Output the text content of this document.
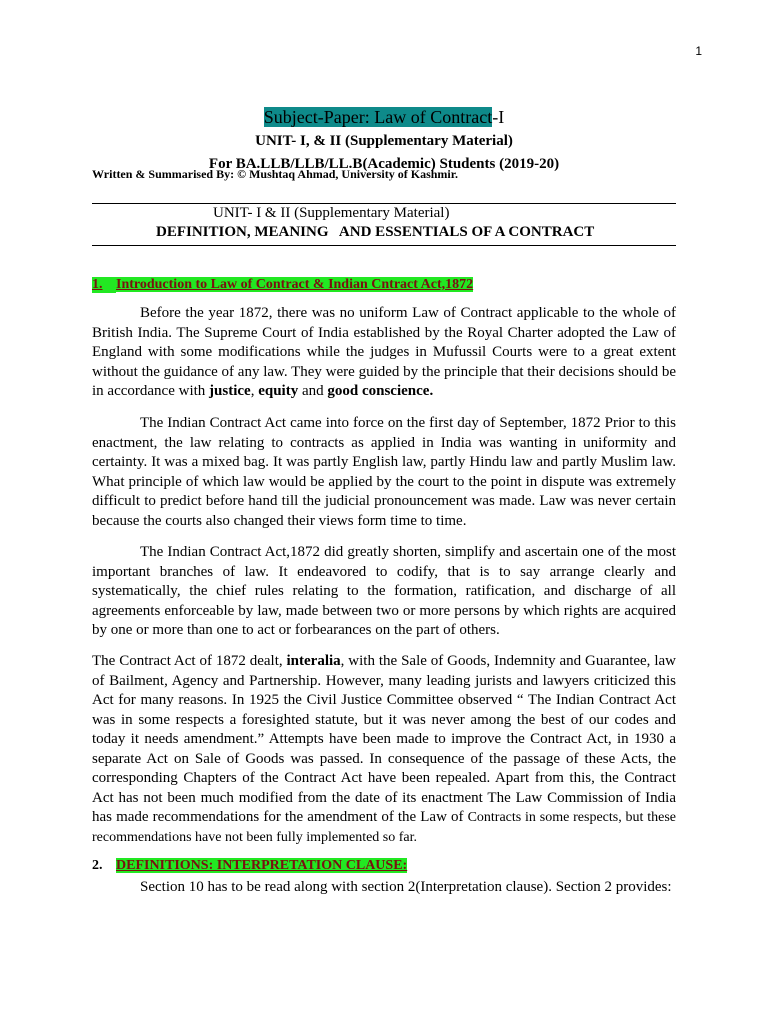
1
Subject-Paper: Law of Contract-I
UNIT- I, & II (Supplementary Material)
For BA.LLB/LLB/LL.B(Academic) Students (2019-20)
Written & Summarised By: © Mushtaq Ahmad, University of Kashmir.
UNIT- I & II (Supplementary Material)
DEFINITION, MEANING   AND ESSENTIALS OF A CONTRACT
1. Introduction to Law of Contract & Indian Cntract Act,1872
Before the year 1872, there was no uniform Law of Contract applicable to the whole of British India. The Supreme Court of India established by the Royal Charter adopted the Law of England with some modifications while the judges in Mufussil Courts were to a great extent without the guidance of any law. They were guided by the principle that their decisions should be in accordance with justice, equity and good conscience.
The Indian Contract Act came into force on the first day of September, 1872 Prior to this enactment, the law relating to contracts as applied in India was wanting in uniformity and certainty. It was a mixed bag. It was partly English law, partly Hindu law and partly Muslim law. What principle of which law would be applied by the court to the point in dispute was extremely difficult to predict before hand till the judicial pronouncement was made. Law was never certain because the courts also changed their views form time to time.
The Indian Contract Act,1872 did greatly shorten, simplify and ascertain one of the most important branches of law. It endeavored to codify, that is to say arrange clearly and systematically, the chief rules relating to the formation, ratification, and discharge of all agreements enforceable by law, made between two or more persons by which rights are acquired by one or more than one to act or forbearances on the part of others.
The Contract Act of 1872 dealt, interalia, with the Sale of Goods, Indemnity and Guarantee, law of Bailment, Agency and Partnership. However, many leading jurists and lawyers criticized this Act for many reasons. In 1925 the Civil Justice Committee observed “ The Indian Contract Act was in some respects a foresighted statute, but it was never among the best of our codes and today it needs amendment.” Attempts have been made to improve the Contract Act, in 1930 a separate Act on Sale of Goods was passed. In consequence of the passage of these Acts, the corresponding Chapters of the Contract Act have been repealed. Apart from this, the Contract Act has not been much modified from the date of its enactment The Law Commission of India has made recommendations for the amendment of the Law of Contracts in some respects, but these recommendations have not been fully implemented so far.
2. DEFINITIONS: INTERPRETATION CLAUSE:
Section 10 has to be read along with section 2(Interpretation clause). Section 2 provides:
